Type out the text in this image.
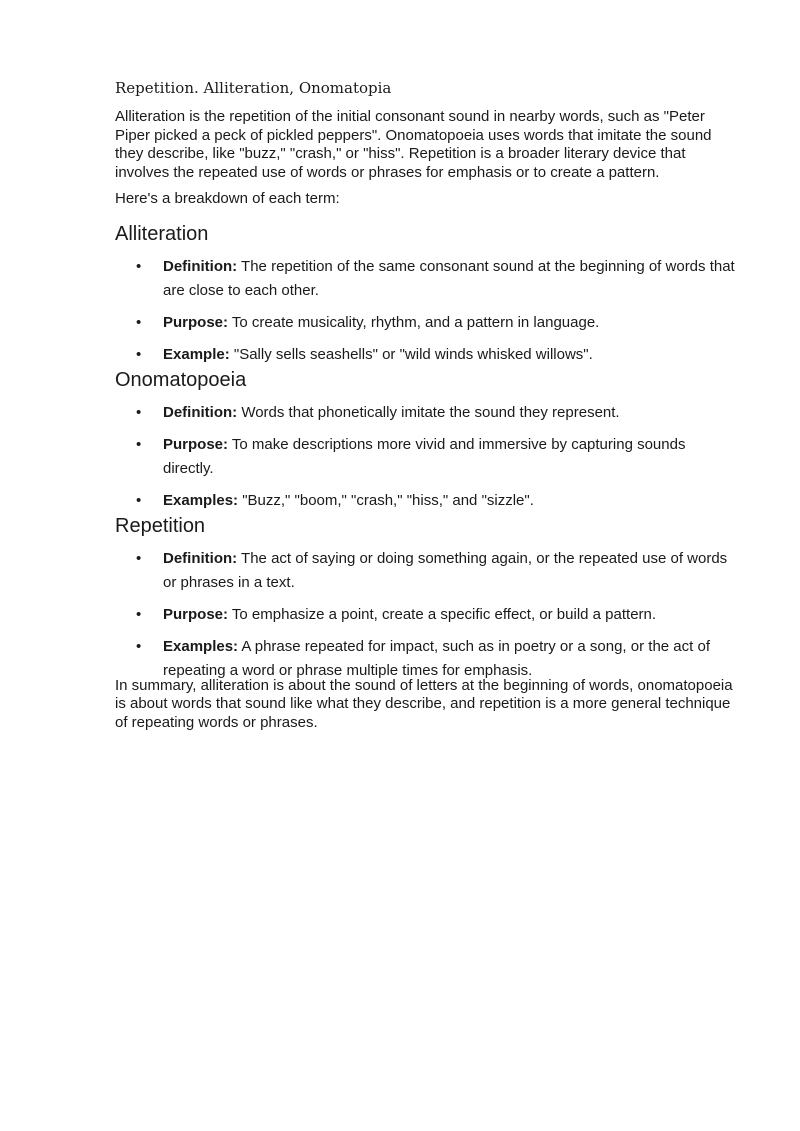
Repetition. Alliteration, Onomatopia

Alliteration is the repetition of the initial consonant sound in nearby words, such as "Peter Piper picked a peck of pickled peppers". Onomatopoeia uses words that imitate the sound they describe, like "buzz," "crash," or "hiss". Repetition is a broader literary device that involves the repeated use of words or phrases for emphasis or to create a pattern.

Here's a breakdown of each term:

Alliteration
• Definition: The repetition of the same consonant sound at the beginning of words that are close to each other.
• Purpose: To create musicality, rhythm, and a pattern in language.
• Example: "Sally sells seashells" or "wild winds whisked willows".
Onomatopoeia
• Definition: Words that phonetically imitate the sound they represent.
• Purpose: To make descriptions more vivid and immersive by capturing sounds directly.
• Examples: "Buzz," "boom," "crash," "hiss," and "sizzle".
Repetition
• Definition: The act of saying or doing something again, or the repeated use of words or phrases in a text.
• Purpose: To emphasize a point, create a specific effect, or build a pattern.
• Examples: A phrase repeated for impact, such as in poetry or a song, or the act of repeating a word or phrase multiple times for emphasis.

In summary, alliteration is about the sound of letters at the beginning of words, onomatopoeia is about words that sound like what they describe, and repetition is a more general technique of repeating words or phrases.
